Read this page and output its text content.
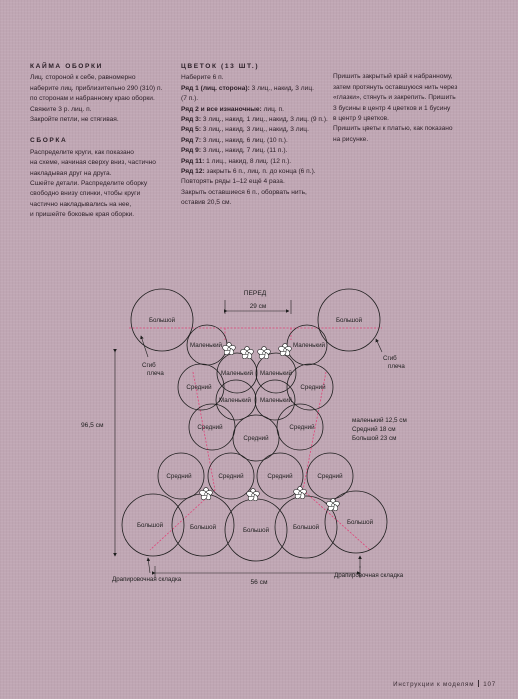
КАЙМА ОБОРКИ
Лиц. стороной к себе, равномерно
наберите лиц. приблизительно 290 (310) п.
по сторонам и набранному краю оборки.
Свяжите 3 р. лиц. п.
Закройте петли, не стягивая.
СБОРКА
Распределите круги, как показано
на схеме, начиная сверху вниз, частично
накладывая друг на друга.
Сшейте детали. Распределите оборку
свободно внизу спинки, чтобы круги
частично накладывались на нее,
и пришейте боковые края оборки.
ЦВЕТОК (13 ШТ.)
Наберите 6 п.
Ряд 1 (лиц. сторона): 3 лиц., накид, 3 лиц.
(7 п.).
Ряд 2 и все изнаночные: лиц. п.
Ряд 3: 3 лиц., накид, 1 лиц., накид, 3 лиц. (9 п.).
Ряд 5: 3 лиц., накид, 3 лиц., накид, 3 лиц.
Ряд 7: 3 лиц., накид, 6 лиц. (10 п.).
Ряд 9: 3 лиц., накид, 7 лиц. (11 п.).
Ряд 11: 1 лиц., накид, 8 лиц. (12 п.).
Ряд 12: закрыть 6 п., лиц. п. до конца (6 п.).
Повторять ряды 1–12 ещё 4 раза.
Закрыть оставшиеся 6 п., оборвать нить,
оставив 20,5 см.
Пришить закрытый край к набранному,
затем протянуть оставшуюся нить через
«глазки», стянуть и закрепить. Пришить
3 бусины в центр 4 цветков и 1 бусину
в центр 9 цветков.
Пришить цветы к платью, как показано
на рисунке.
Большой	Большой
Маленький	Маленький
Маленький Маленький
Средний	Средний
Маленький Маленький
Средний
Средний
Средний
Средний	Средний	Средний	Средний
Большой	Большой	Большой	Большой
Большой
ПЕРЕД
29 см
96,5 см
Сгиб
плеча
Сгиб
плеча
маленький 12,5 см
Средний 18 см
Большой 23 см
56 см
Драпировочная складка
Драпировочная складка
Инструкции к моделям 107
